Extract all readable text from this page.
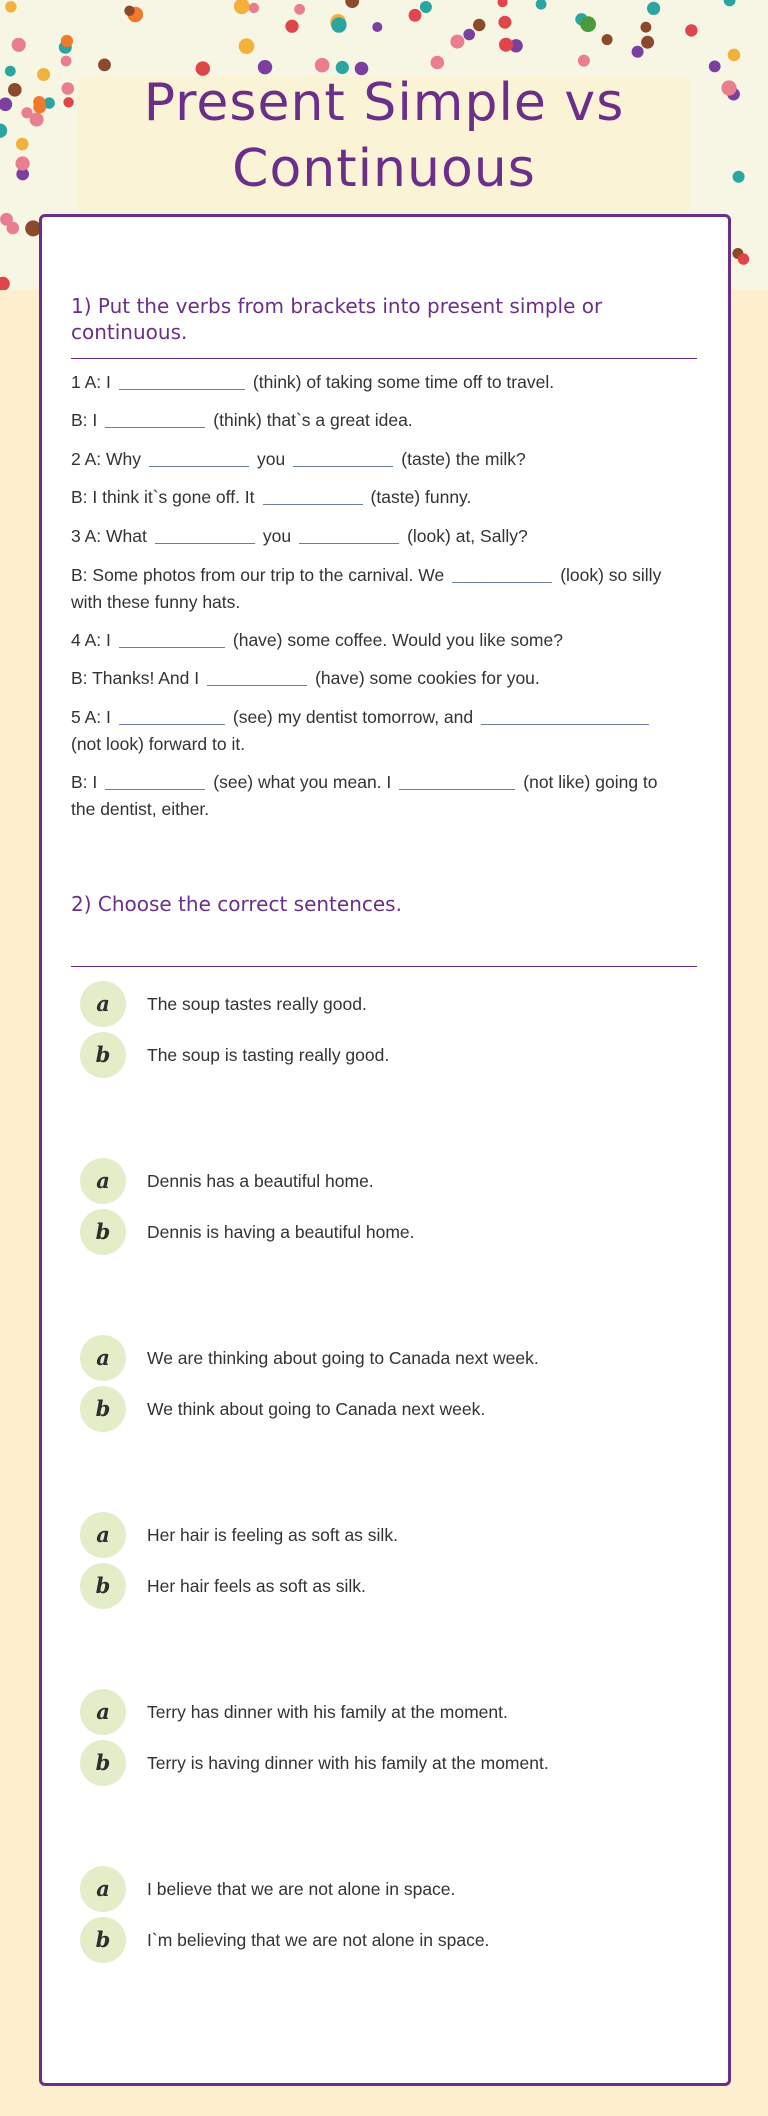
Present Simple vs Continuous
1) Put the verbs from brackets into present simple or continuous.
1 A: I	(think) of taking some time off to travel.
B: I	(think) that`s a great idea.
2 A: Why	you	(taste) the milk?
B: I think it`s gone off. It	(taste) funny.
3 A: What	you	(look) at, Sally?
B: Some photos from our trip to the carnival. We	(look) so silly
with these funny hats.
4 A: I	(have) some coffee. Would you like some?
B: Thanks! And I	(have) some cookies for you.
5 A: I	(see) my dentist tomorrow, and
(not look) forward to it.
B: I	(see) what you mean. I	(not like) going to
the dentist, either.
2) Choose the correct sentences.
a	The soup tastes really good.
b	The soup is tasting really good.
a	Dennis has a beautiful home.
b	Dennis is having a beautiful home.
a	We are thinking about going to Canada next week.
b	We think about going to Canada next week.
a	Her hair is feeling as soft as silk.
b	Her hair feels as soft as silk.
a	Terry has dinner with his family at the moment.
b	Terry is having dinner with his family at the moment.
a	I believe that we are not alone in space.
b	I`m believing that we are not alone in space.
